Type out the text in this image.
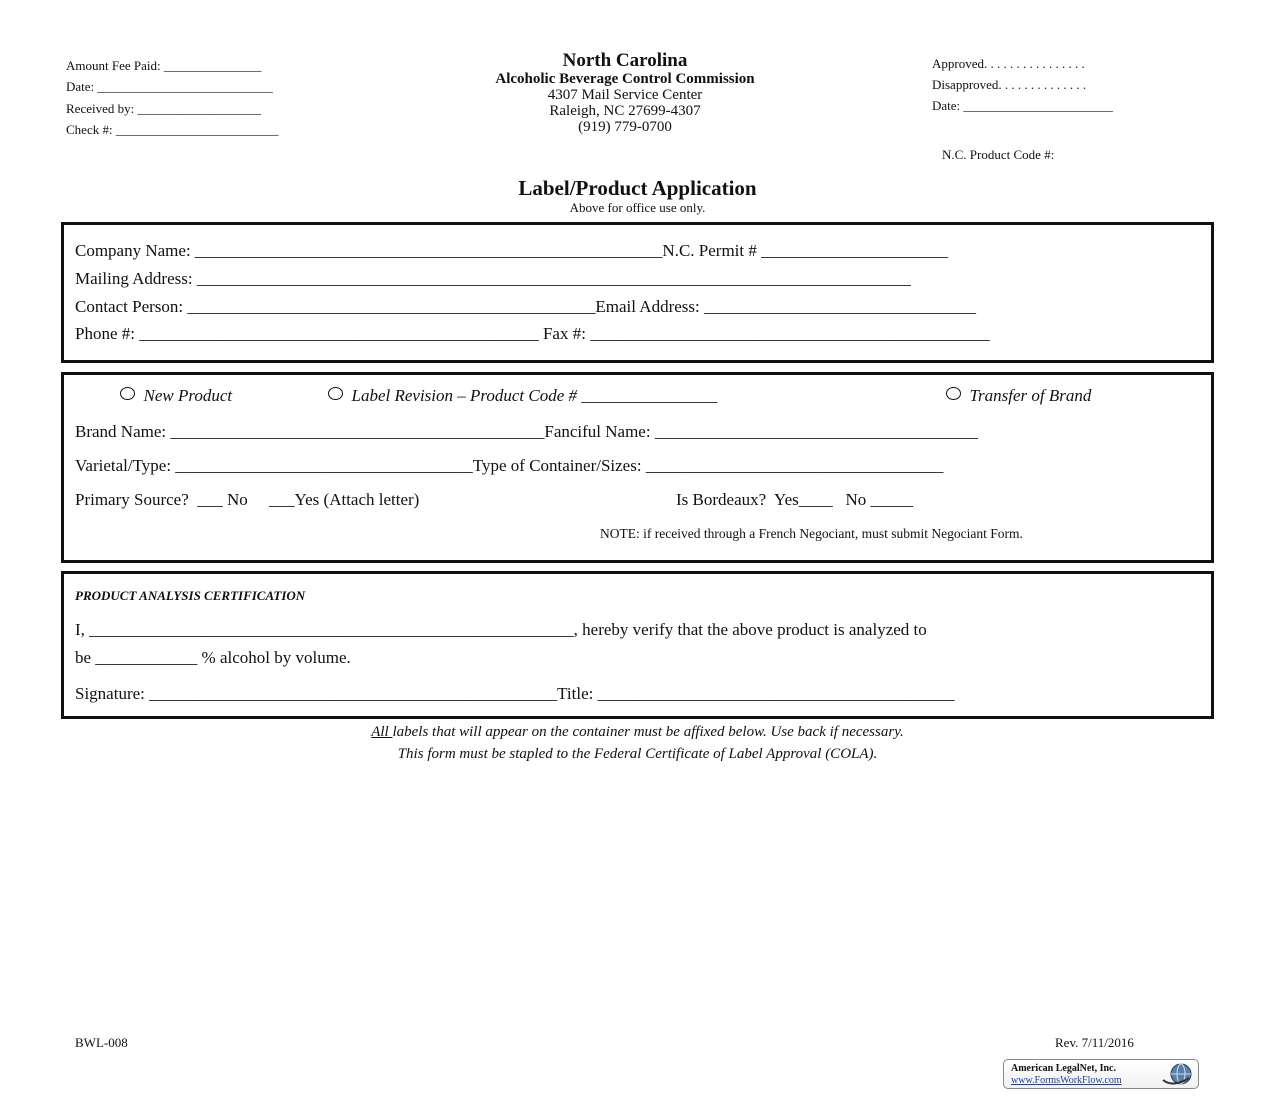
Amount Fee Paid: _______________
Date: ___________________________
Received by: ___________________
Check #: _________________________
North Carolina
Alcoholic Beverage Control Commission
4307 Mail Service Center
Raleigh, NC 27699-4307
(919) 779-0700
Approved. . . . . . . . . . . . . . . .
Disapproved. . . . . . . . . . . . . .
Date: _______________________
N.C. Product Code #:
Label/Product Application
Above for office use only.
Company Name: _______________________________________________________N.C. Permit # ______________________
Mailing Address: ____________________________________________________________________________________
Contact Person: ________________________________________________Email Address: ________________________________
Phone #: _______________________________________________ Fax #: _______________________________________________
New Product	Label Revision – Product Code # ________________	Transfer of Brand
Brand Name: ____________________________________________Fanciful Name: ______________________________________
Varietal/Type: ___________________________________Type of Container/Sizes: ___________________________________
Primary Source?  ___ No     ___Yes (Attach letter)	Is Bordeaux?  Yes____   No _____
NOTE: if received through a French Negociant, must submit Negociant Form.
PRODUCT ANALYSIS CERTIFICATION
I, _________________________________________________________, hereby verify that the above product is analyzed to
be ____________ % alcohol by volume.
Signature: ________________________________________________Title: __________________________________________
All labels that will appear on the container must be affixed below. Use back if necessary.
This form must be stapled to the Federal Certificate of Label Approval (COLA).
BWL-008	Rev. 7/11/2016
American LegalNet, Inc.
www.FormsWorkFlow.com
